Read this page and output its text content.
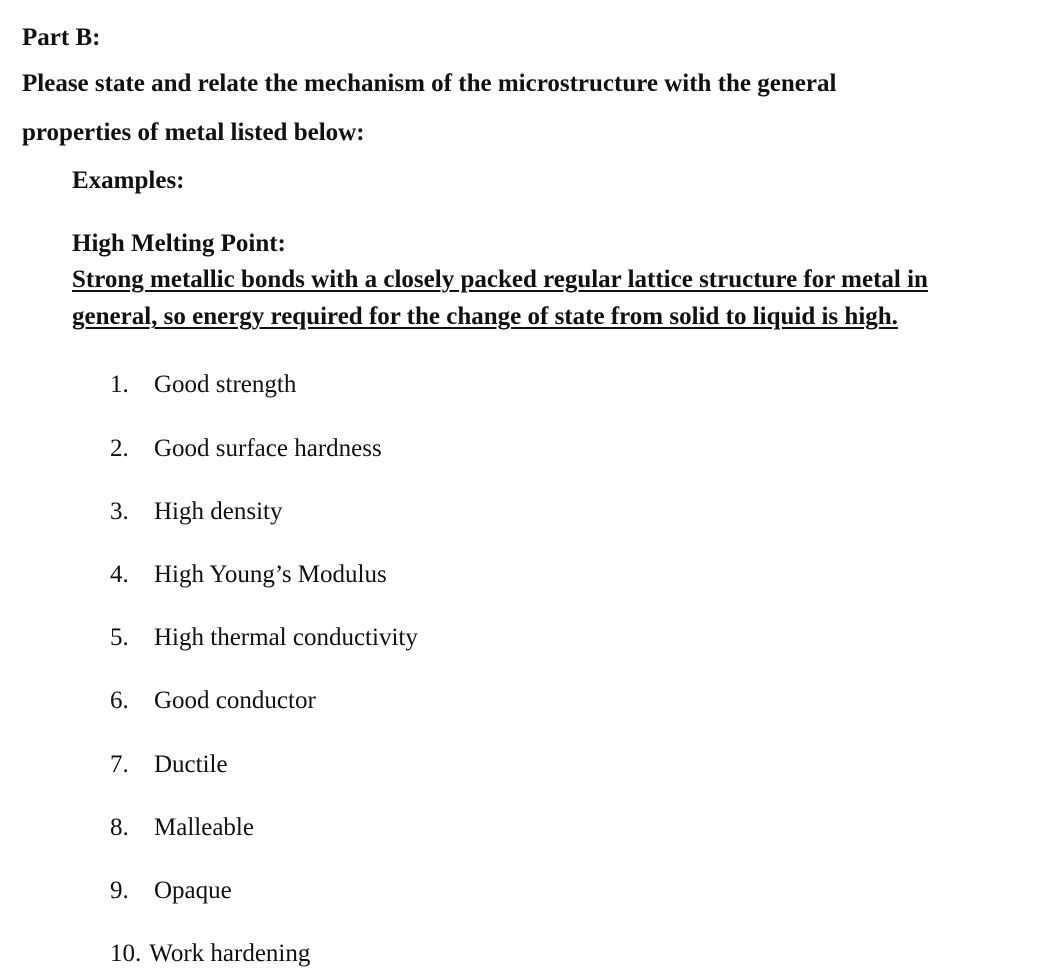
Part B:

Please state and relate the mechanism of the microstructure with the general

properties of metal listed below:

Examples:

High Melting Point:

Strong metallic bonds with a closely packed regular lattice structure for metal in

general, so energy required for the change of state from solid to liquid is high.

1. Good strength
2. Good surface hardness
3. High density
4. High Young’s Modulus
5. High thermal conductivity
6. Good conductor
7. Ductile
8. Malleable
9. Opaque
10. Work hardening
